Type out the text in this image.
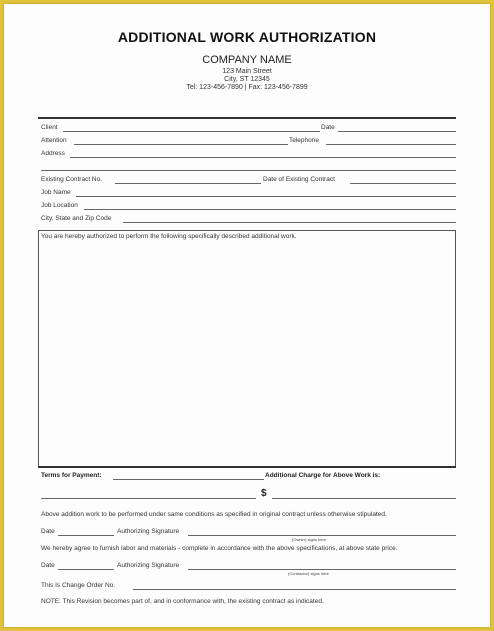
ADDITIONAL WORK AUTHORIZATION
COMPANY NAME
123 Main Street
City, ST 12345
Tel: 123-456-7890 | Fax: 123-456-7899
Client	Date
Attention	Telephone
Address
Existing Contract No.	Date of Existing Contract
Job Name
Job Location
City, State and Zip Code
You are hereby authorized to perform the following specifically described additional work.
Terms for Payment:	Additional Charge for Above Work is:
$
Above addition work to be performed under same conditions as specified in original contract unless otherwise stipulated.
Date	Authorizing Signature
(Owner) signs here
We hereby agree to furnish labor and materials - complete in accordance with the above specifications, at above state price.
Date	Authorizing Signature
(Contractor) signs here
This Is Change Order No.
NOTE: This Revision becomes part of, and in conformance with, the existing contract as indicated.
